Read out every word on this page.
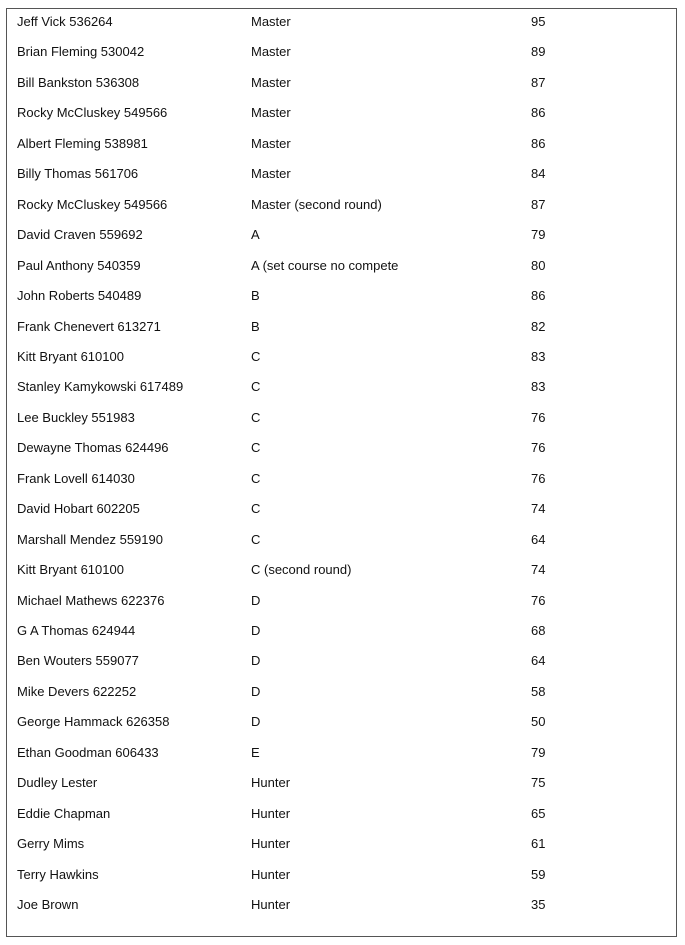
Jeff Vick 536264	Master	95
Brian Fleming 530042	Master	89
Bill Bankston 536308	Master	87
Rocky McCluskey 549566	Master	86
Albert Fleming 538981	Master	86
Billy Thomas 561706	Master	84
Rocky McCluskey 549566	Master (second round)	87
David Craven 559692	A	79
Paul Anthony 540359	A (set course no compete	80
John Roberts 540489	B	86
Frank Chenevert 613271	B	82
Kitt Bryant 610100	C	83
Stanley Kamykowski 617489	C	83
Lee Buckley 551983	C	76
Dewayne Thomas 624496	C	76
Frank Lovell 614030	C	76
David Hobart 602205	C	74
Marshall Mendez 559190	C	64
Kitt Bryant 610100	C (second round)	74
Michael Mathews 622376	D	76
G A Thomas 624944	D	68
Ben Wouters 559077	D	64
Mike Devers 622252	D	58
George Hammack 626358	D	50
Ethan Goodman 606433	E	79
Dudley Lester	Hunter	75
Eddie Chapman	Hunter	65
Gerry Mims	Hunter	61
Terry Hawkins	Hunter	59
Joe Brown	Hunter	35
